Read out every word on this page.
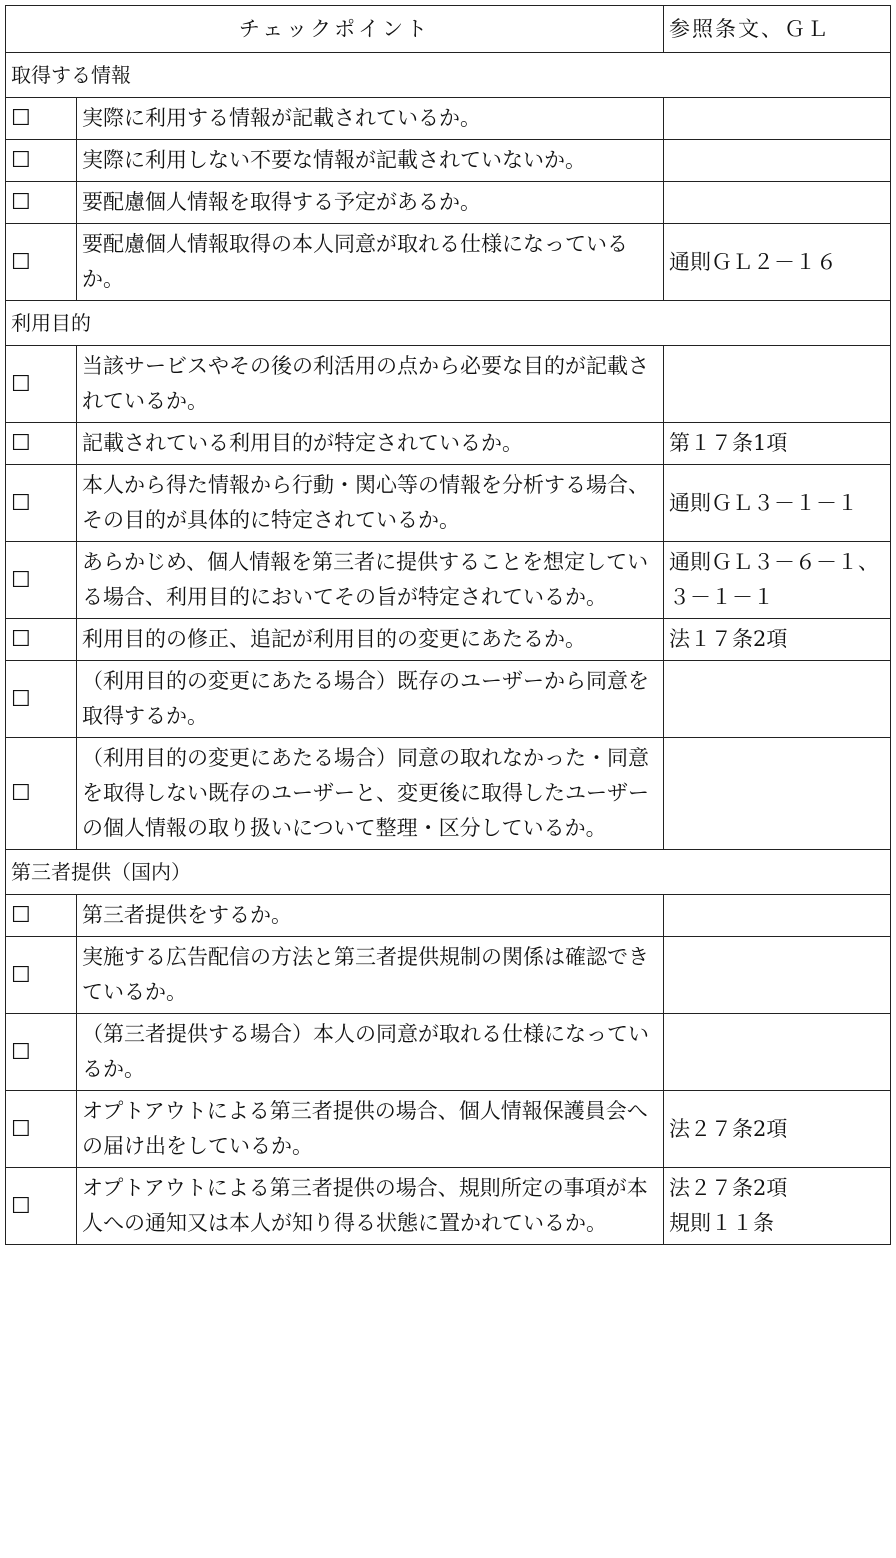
チェックポイント		参照条文、ＧＬ
取得する情報		
☐	実際に利用する情報が記載されているか。	
☐	実際に利用しない不要な情報が記載されていないか。	
☐	要配慮個人情報を取得する予定があるか。	
☐	要配慮個人情報取得の本人同意が取れる仕様になっているか。	通則ＧＬ２－１６

利用目的		
☐	当該サービスやその後の利活用の点から必要な目的が記載されているか。	
☐	記載されている利用目的が特定されているか。	第１７条1項

☐	本人から得た情報から行動・関心等の情報を分析する場合、その目的が具体的に特定されているか。	通則ＧＬ３－１－１

☐	あらかじめ、個人情報を第三者に提供することを想定している場合、利用目的においてその旨が特定されているか。	通則ＧＬ３－６－１、３－１－１

☐	利用目的の修正、追記が利用目的の変更にあたるか。	法１７条2項

☐	（利用目的の変更にあたる場合）既存のユーザーから同意を取得するか。	
☐	（利用目的の変更にあたる場合）同意の取れなかった・同意を取得しない既存のユーザーと、変更後に取得したユーザーの個人情報の取り扱いについて整理・区分しているか。	
第三者提供（国内）		
☐	第三者提供をするか。	
☐	実施する広告配信の方法と第三者提供規制の関係は確認できているか。	
☐	（第三者提供する場合）本人の同意が取れる仕様になっているか。	
☐	オプトアウトによる第三者提供の場合、個人情報保護員会への届け出をしているか。	法２７条2項

☐	オプトアウトによる第三者提供の場合、規則所定の事項が本人への通知又は本人が知り得る状態に置かれているか。	法２７条2項
規則１１条
